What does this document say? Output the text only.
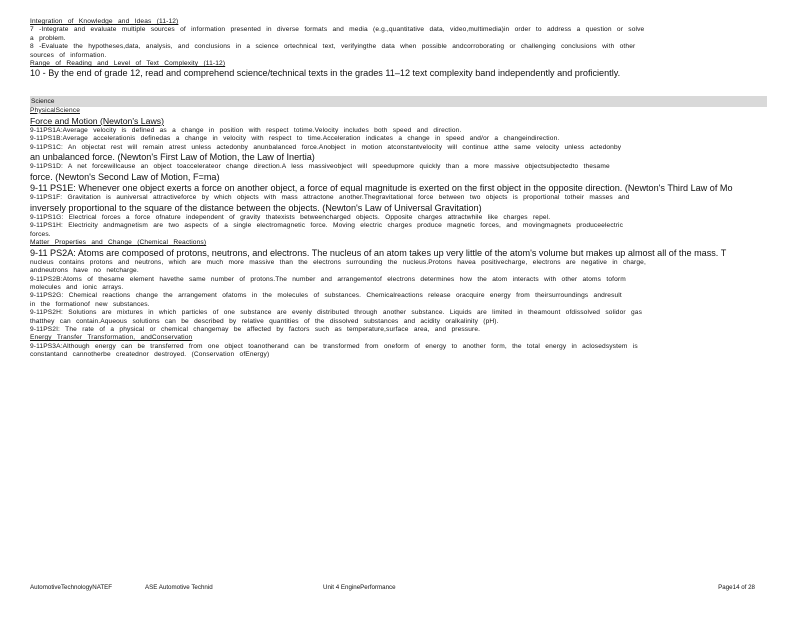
Integration of Knowledge and Ideas (11-12)
7 -Integrate and evaluate multiple sources of information presented in diverse formats and media (e.g.,quantitative data, video,multimedia)in order to address a question or solve
a problem.
8 -Evaluate the hypotheses,data, analysis, and conclusions in a science ortechnical text, verifyingthe data when possible andcorroborating or challenging conclusions with other
sources of information.
Range of Reading and Level of Text Complexity (11-12)
10 - By the end of grade 12, read and comprehend science/technical texts in the grades 11–12 text complexity band independently and proficiently.
Science
PhysicalScience
Force and Motion (Newton's Laws)
9-11PS1A:Average velocity is defined as a change in position with respect totime.Velocity includes both speed and direction.
9-11PS1B:Average accelerationis definedas a change in velocity with respect to time.Acceleration indicates a change in speed and/or a changeindirection.
9-11PS1C: An objectat rest will remain atrest unless actedonby anunbalanced force.Anobject in motion atconstantvelocity will continue atthe same velocity unless actedonby
an unbalanced force. (Newton's First Law of Motion, the Law of Inertia)
9-11PS1D: A net forcewillcause an object toaccelerateor change direction.A less massiveobject will speedupmore quickly than a more massive objectsubjectedto thesame
force. (Newton's Second Law of Motion, F=ma)
9-11 PS1E: Whenever one object exerts a force on another object, a force of equal magnitude is exerted on the first object in the opposite direction. (Newton's Third Law of Mo
9-11PS1F: Gravitation is auniversal attractiveforce by which objects with mass attractone another.Thegravitational force between two objects is proportional totheir masses and
inversely proportional to the square of the distance between the objects. (Newton's Law of Universal Gravitation)
9-11PS1G: Electrical forces a force ofnature independent of gravity thatexists betweencharged objects. Opposite charges attractwhile like charges repel.
9-11PS1H: Electricity andmagnetism are two aspects of a single electromagnetic force. Moving electric charges produce magnetic forces, and movingmagnets produceelectric
forces.
Matter Properties and Change (Chemical Reactions)
9-11 PS2A: Atoms are composed of protons, neutrons, and electrons. The nucleus of an atom takes up very little of the atom's volume but makes up almost all of the mass. T
nucleus contains protons and neutrons, which are much more massive than the electrons surrounding the nucleus.Protons havea positivecharge, electrons are negative in charge,
andneutrons have no netcharge.
9-11PS2B:Atoms of thesame element havethe same number of protons.The number and arrangementof electrons determines how the atom interacts with other atoms toform
molecules and ionic arrays.
9-11PS2G: Chemical reactions change the arrangement ofatoms in the molecules of substances. Chemicalreactions release oracquire energy from theirsurroundings andresult
in the formationof new substances.
9-11PS2H: Solutions are mixtures in which particles of one substance are evenly distributed through another substance. Liquids are limited in theamount ofdissolved solidor gas
thatthey can contain.Aqueous solutions can be described by relative quantities of the dissolved substances and acidity oralkalinity (pH).
9-11PS2I: The rate of a physical or chemical changemay be affected by factors such as temperature,surface area, and pressure.
Energy Transfer Transformation, andConservation
9-11PS3A:Although energy can be transferred from one object toanotherand can be transformed from oneform of energy to another form, the total energy in aclosedsystem is
constantand cannotherbe creatednor destroyed. (Conservation ofEnergy)
AutomotiveTechnologyNATEF	ASE Automotive Technid	Unit 4 EnginePerformance	Page14 of 28
